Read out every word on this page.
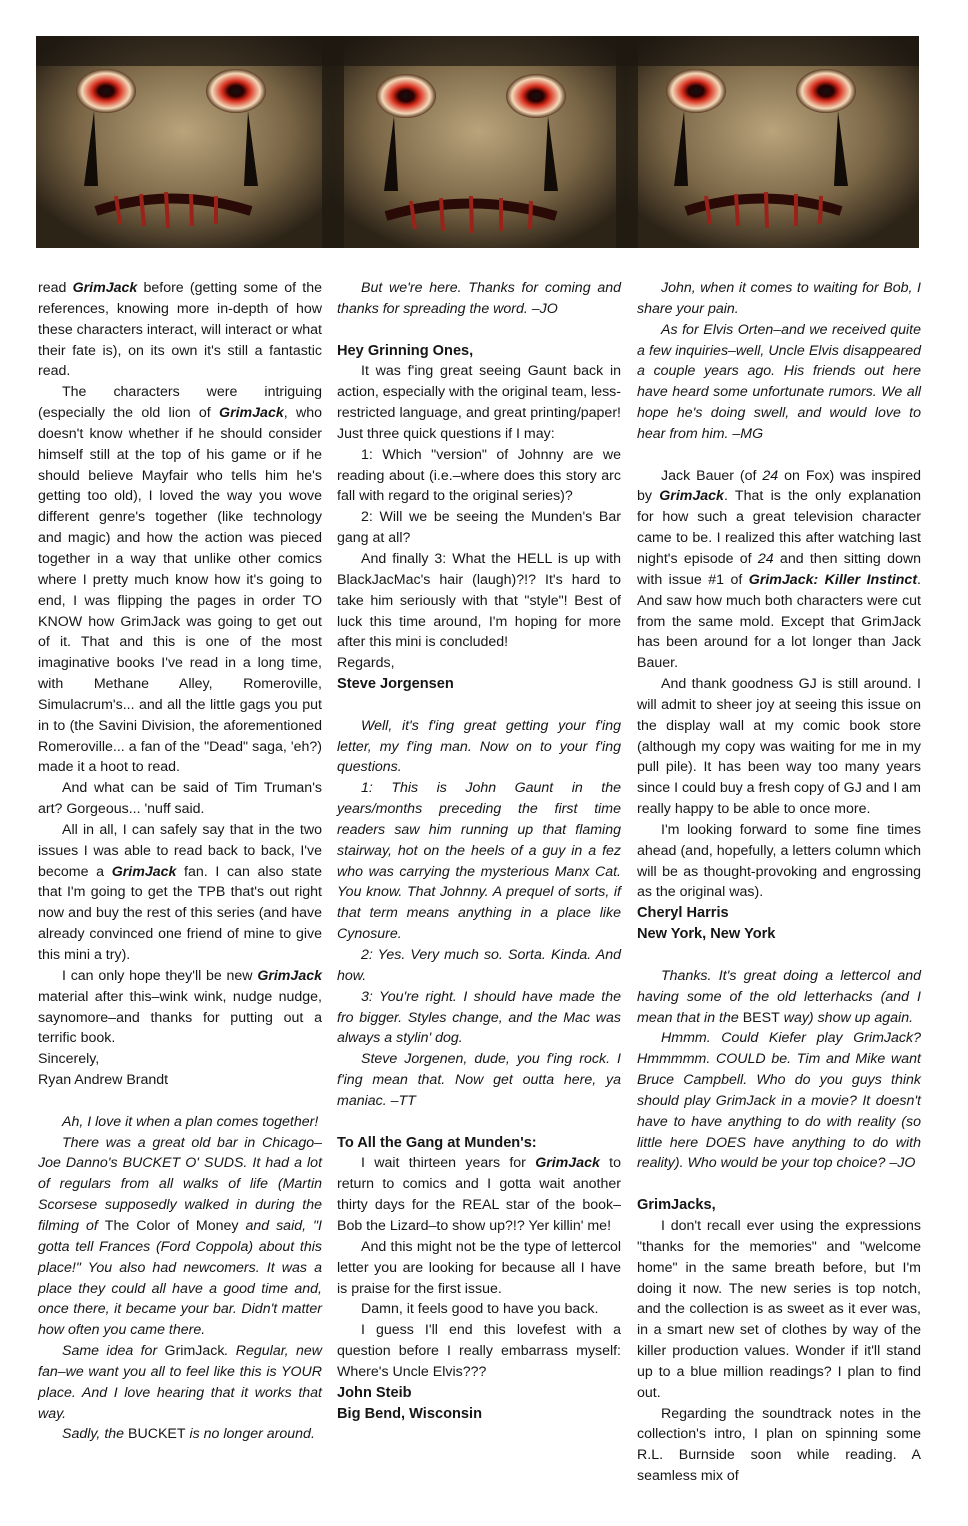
read GrimJack before (getting some of the references, knowing more in-depth of how these characters interact, will interact or what their fate is), on its own it's still a fantastic read.

The characters were intriguing (especially the old lion of GrimJack, who doesn't know whether if he should consider himself still at the top of his game or if he should believe Mayfair who tells him he's getting too old), I loved the way you wove different genre's together (like technology and magic) and how the action was pieced together in a way that unlike other comics where I pretty much know how it's going to end, I was flipping the pages in order TO KNOW how GrimJack was going to get out of it. That and this is one of the most imaginative books I've read in a long time, with Methane Alley, Romeroville, Simulacrum's... and all the little gags you put in to (the Savini Division, the aforementioned Romeroville... a fan of the "Dead" saga, 'eh?) made it a hoot to read.

And what can be said of Tim Truman's art? Gorgeous... 'nuff said.

All in all, I can safely say that in the two issues I was able to read back to back, I've become a GrimJack fan. I can also state that I'm going to get the TPB that's out right now and buy the rest of this series (and have already convinced one friend of mine to give this mini a try).

I can only hope they'll be new GrimJack material after this–wink wink, nudge nudge, saynomore–and thanks for putting out a terrific book.

Sincerely,

Ryan Andrew Brandt

Ah, I love it when a plan comes together!

There was a great old bar in Chicago–Joe Danno's BUCKET O' SUDS. It had a lot of regulars from all walks of life (Martin Scorsese supposedly walked in during the filming of The Color of Money and said, "I gotta tell Frances (Ford Coppola) about this place!" You also had newcomers. It was a place they could all have a good time and, once there, it became your bar. Didn't matter how often you came there.

Same idea for GrimJack. Regular, new fan–we want you all to feel like this is YOUR place. And I love hearing that it works that way.

Sadly, the BUCKET is no longer around.

But we're here. Thanks for coming and thanks for spreading the word. –JO

Hey Grinning Ones,

It was f'ing great seeing Gaunt back in action, especially with the original team, less-restricted language, and great printing/paper! Just three quick questions if I may:

1: Which "version" of Johnny are we reading about (i.e.–where does this story arc fall with regard to the original series)?

2: Will we be seeing the Munden's Bar gang at all?

And finally 3: What the HELL is up with BlackJacMac's hair (laugh)?!? It's hard to take him seriously with that "style"! Best of luck this time around, I'm hoping for more after this mini is concluded!

Regards,

Steve Jorgensen

Well, it's f'ing great getting your f'ing letter, my f'ing man. Now on to your f'ing questions.

1: This is John Gaunt in the years/months preceding the first time readers saw him running up that flaming stairway, hot on the heels of a guy in a fez who was carrying the mysterious Manx Cat. You know. That Johnny. A prequel of sorts, if that term means anything in a place like Cynosure.

2: Yes. Very much so. Sorta. Kinda. And how.

3: You're right. I should have made the fro bigger. Styles change, and the Mac was always a stylin' dog.

Steve Jorgenen, dude, you f'ing rock. I f'ing mean that. Now get outta here, ya maniac. –TT

To All the Gang at Munden's:

I wait thirteen years for GrimJack to return to comics and I gotta wait another thirty days for the REAL star of the book–Bob the Lizard–to show up?!? Yer killin' me!

And this might not be the type of lettercol letter you are looking for because all I have is praise for the first issue.

Damn, it feels good to have you back.

I guess I'll end this lovefest with a question before I really embarrass myself: Where's Uncle Elvis???

John Steib

Big Bend, Wisconsin

John, when it comes to waiting for Bob, I share your pain.

As for Elvis Orten–and we received quite a few inquiries–well, Uncle Elvis disappeared a couple years ago. His friends out here have heard some unfortunate rumors. We all hope he's doing swell, and would love to hear from him. –MG

Jack Bauer (of 24 on Fox) was inspired by GrimJack. That is the only explanation for how such a great television character came to be. I realized this after watching last night's episode of 24 and then sitting down with issue #1 of GrimJack: Killer Instinct. And saw how much both characters were cut from the same mold. Except that GrimJack has been around for a lot longer than Jack Bauer.

And thank goodness GJ is still around. I will admit to sheer joy at seeing this issue on the display wall at my comic book store (although my copy was waiting for me in my pull pile). It has been way too many years since I could buy a fresh copy of GJ and I am really happy to be able to once more.

I'm looking forward to some fine times ahead (and, hopefully, a letters column which will be as thought-provoking and engrossing as the original was).

Cheryl Harris

New York, New York

Thanks. It's great doing a lettercol and having some of the old letterhacks (and I mean that in the BEST way) show up again.

Hmmm. Could Kiefer play GrimJack? Hmmmmm. COULD be. Tim and Mike want Bruce Campbell. Who do you guys think should play GrimJack in a movie? It doesn't have to have anything to do with reality (so little here DOES have anything to do with reality). Who would be your top choice? –JO

GrimJacks,

I don't recall ever using the expressions "thanks for the memories" and "welcome home" in the same breath before, but I'm doing it now. The new series is top notch, and the collection is as sweet as it ever was, in a smart new set of clothes by way of the killer production values. Wonder if it'll stand up to a blue million readings? I plan to find out.

Regarding the soundtrack notes in the collection's intro, I plan on spinning some R.L. Burnside soon while reading. A seamless mix of
